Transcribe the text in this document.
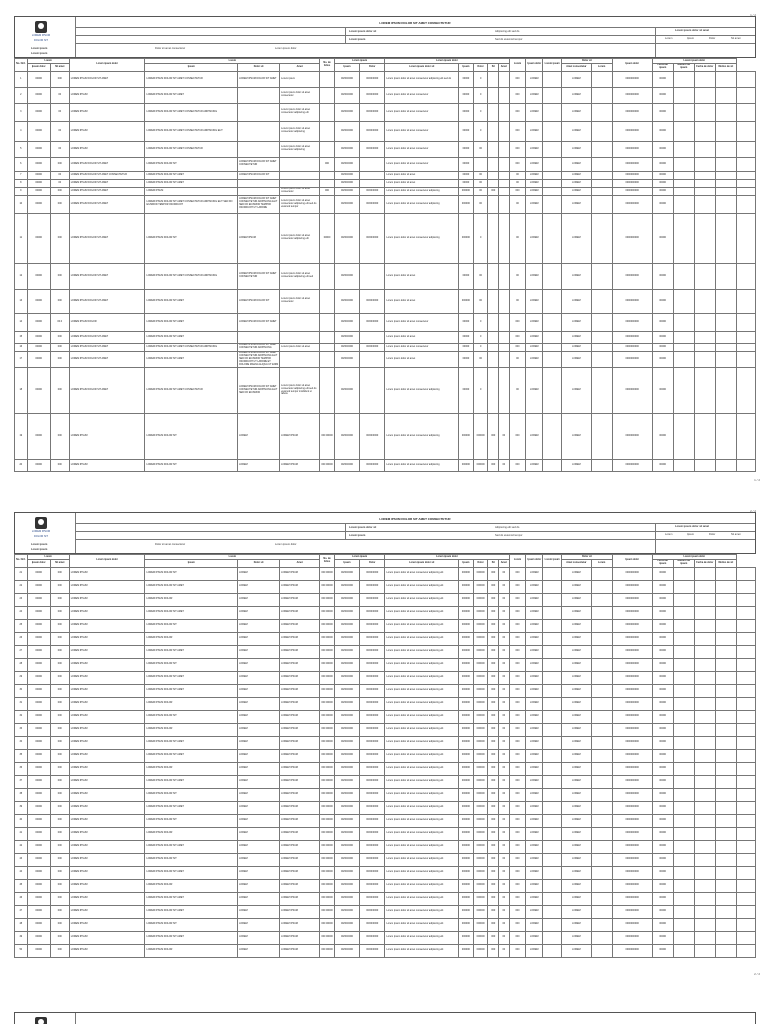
1 / 2
LOREM IPSUM
DOLOR SIT
LOREM IPSUM DOLOR SIT AMET CONSECTETUR
Lorem ipsum	Dolor sit amet consectetur	Lorem ipsum dolor
Lorem ipsum dolor sit	Adipiscing elit sed do
Lorem ipsum	Sed do eiusmod tempor
Lorem ipsum
Lorem ipsum dolor sit amet
Lorem	Ipsum	Dolor	Sit amet
No. Ord.	Lorem		Lorem ipsum dolor	Lorem			No. de folios	Lorem ipsum		Lorem ipsum dolor					Lorem	Ipsum dolor	Lorem ipsum	Dolor sit		Ipsum dolor	Lorem ipsum dolor				
	Ipsum dolor	Sit amet		Ipsum	Dolor sit	Amet		Ipsum	Dolor	Lorem ipsum dolor sit	Ipsum	Dolor	Sit	Amet				Amet consectetur	Lorem		Fecha de ipsum	Número de ipsum	Fecha de dolor	Motivo de sit	
1	00000	000	LOREM IPSUM DOLOR SIT AMET	LOREM IPSUM DOLOR SIT AMET CONSECTETUR	LOREM IPSUM DOLOR SIT AMET	Lorem ipsum		00/00/0000	00/00/0000	Lorem ipsum dolor sit amet consectetur adipiscing elit sed do	00000	0			000	LOREM		LOREM		0000000000	00000				
2	00000	00	LOREM IPSUM	LOREM IPSUM DOLOR SIT AMET		Lorem ipsum dolor sit amet consectetur		00/00/0000	00/00/0000	Lorem ipsum dolor sit amet consectetur	00000	0			000	LOREM		LOREM		0000000000	00000				
3	00000	00	LOREM IPSUM	LOREM IPSUM DOLOR SIT AMET CONSECTETUR ADIPISCING		Lorem ipsum dolor sit amet consectetur adipiscing elit		00/00/0000	00/00/0000	Lorem ipsum dolor sit amet consectetur	00000	0			000	LOREM		LOREM		0000000000	00000				
4	00000	00	LOREM IPSUM	LOREM IPSUM DOLOR SIT AMET CONSECTETUR ADIPISCING ELIT		Lorem ipsum dolor sit amet consectetur adipiscing		00/00/0000	00/00/0000	Lorem ipsum dolor sit amet consectetur	00000	0			000	LOREM		LOREM		0000000000	00000				
5	00000	00	LOREM IPSUM	LOREM IPSUM DOLOR SIT AMET CONSECTETUR		Lorem ipsum dolor sit amet consectetur adipiscing		00/00/0000	00/00/0000	Lorem ipsum dolor sit amet consectetur	00000	00			000	LOREM		LOREM		0000000000	00000				
6	00000	000	LOREM IPSUM DOLOR SIT AMET	LOREM IPSUM DOLOR SIT	LOREM IPSUM DOLOR SIT AMET CONSECTETUR		000	00/00/0000		Lorem ipsum dolor sit amet consectetur	00000				000	LOREM		LOREM		0000000000	00000				
7	00000	00	LOREM IPSUM DOLOR SIT AMET CONSECTETUR	LOREM IPSUM DOLOR SIT AMET	LOREM IPSUM DOLOR SIT			00/00/0000		Lorem ipsum dolor sit amet	00000	00			00	LOREM		LOREM		0000000000	00000				
8	00000	00	LOREM IPSUM DOLOR SIT AMET	LOREM IPSUM DOLOR SIT AMET				00/00/0000		Lorem ipsum dolor sit amet	00000	00			00	LOREM		LOREM		0000000000	00000				
9	00000	000	LOREM IPSUM DOLOR SIT AMET	LOREM IPSUM		Lorem ipsum dolor sit amet consectetur	000	00/00/0000	00/00/0000	Lorem ipsum dolor sit amet consectetur adipiscing	000000	00	000		000	LOREM		LOREM		0000000000	00000				
10	00000	000	LOREM IPSUM DOLOR SIT AMET	LOREM IPSUM DOLOR SIT AMET CONSECTETUR ADIPISCING ELIT SED DO EIUSMOD TEMPOR INCIDIDUNT	LOREM IPSUM DOLOR SIT AMET CONSECTETUR ADIPISCING ELIT SED DO EIUSMOD TEMPOR INCIDIDUNT UT LABORE	Lorem ipsum dolor sit amet consectetur adipiscing elit sed do eiusmod tempor		00/00/0000	00/00/0000	Lorem ipsum dolor sit amet consectetur adipiscing	000000	00			00	LOREM		LOREM		0000000000	00000				
11	00000	000	LOREM IPSUM DOLOR SIT AMET	LOREM IPSUM DOLOR SIT	LOREM IPSUM	Lorem ipsum dolor sit amet consectetur adipiscing elit	00000	00/00/0000	00/00/0000	Lorem ipsum dolor sit amet consectetur adipiscing	000000	0			00	LOREM		LOREM		0000000000	00000				
12	00000	000	LOREM IPSUM DOLOR SIT AMET	LOREM IPSUM DOLOR SIT AMET CONSECTETUR ADIPISCING	LOREM IPSUM DOLOR SIT AMET CONSECTETUR	Lorem ipsum dolor sit amet consectetur adipiscing elit sed		00/00/0000		Lorem ipsum dolor sit amet	00000	00			00	LOREM		LOREM		0000000000	00000				
13	00000	000	LOREM IPSUM DOLOR SIT AMET	LOREM IPSUM DOLOR SIT AMET	LOREM IPSUM DOLOR SIT	Lorem ipsum dolor sit amet consectetur		00/00/0000	00/00/0000	Lorem ipsum dolor sit amet	000000	00			00	LOREM		LOREM		0000000000	00000				
14	00000	00.0	LOREM IPSUM DOLOR	LOREM IPSUM DOLOR SIT AMET	LOREM IPSUM DOLOR SIT AMET			00/00/0000	00/00/0000	Lorem ipsum dolor sit amet consectetur	00000	0			000	LOREM		LOREM		0000000000	00000				
15	00000	000	LOREM IPSUM DOLOR SIT AMET	LOREM IPSUM DOLOR SIT AMET				00/00/0000		Lorem ipsum dolor sit amet	00000	0			000	LOREM		LOREM		0000000000	00000				
16	00000	000	LOREM IPSUM DOLOR SIT AMET	LOREM IPSUM DOLOR SIT AMET CONSECTETUR ADIPISCING	LOREM IPSUM DOLOR SIT AMET CONSECTETUR ADIPISCING	Lorem ipsum dolor sit amet		00/00/0000	00/00/0000	Lorem ipsum dolor sit amet consectetur	00000	0			000	LOREM		LOREM		0000000000	00000				
17	00000	000	LOREM IPSUM DOLOR SIT AMET	LOREM IPSUM DOLOR SIT AMET	LOREM IPSUM DOLOR SIT AMET CONSECTETUR ADIPISCING ELIT SED DO EIUSMOD TEMPOR INCIDIDUNT UT LABORE ET DOLORE MAGNA ALIQUA UT ENIM			00/00/0000		Lorem ipsum dolor sit amet	00000	00			00	LOREM		LOREM		0000000000	00000				
18	00000	000	LOREM IPSUM DOLOR SIT AMET	LOREM IPSUM DOLOR SIT AMET CONSECTETUR	LOREM IPSUM DOLOR SIT AMET CONSECTETUR ADIPISCING ELIT SED DO EIUSMOD	Lorem ipsum dolor sit amet consectetur adipiscing elit sed do eiusmod tempor incididunt ut labore		00/00/0000		Lorem ipsum dolor sit amet consectetur adipiscing	00000	0			00	LOREM		LOREM		0000000000	00000				
19	00000	000	LOREM IPSUM	LOREM IPSUM DOLOR SIT	LOREM	LOREM IPSUM	000 00000	00/00/0000	00/00/0000	Lorem ipsum dolor sit amet consectetur adipiscing	000000	000000	000	00	000	LOREM		LOREM		0000000000	00000				
20	00000	000	LOREM IPSUM	LOREM IPSUM DOLOR SIT	LOREM	LOREM IPSUM	000 00000	00/00/0000	00/00/0000	Lorem ipsum dolor sit amet consectetur adipiscing	000000	000000	000	00	000	LOREM		LOREM		0000000000	00000				
1 / 2
2 / 2
LOREM IPSUM
DOLOR SIT
LOREM IPSUM DOLOR SIT AMET CONSECTETUR
Lorem ipsum	Dolor sit amet consectetur	Lorem ipsum dolor
Lorem ipsum dolor sit	Adipiscing elit sed do
Lorem ipsum	Sed do eiusmod tempor
Lorem ipsum
Lorem ipsum dolor sit amet
Lorem	Ipsum	Dolor	Sit amet
No. Ord.	Lorem		Lorem ipsum dolor	Lorem			No. de folios	Lorem ipsum		Lorem ipsum dolor					Lorem	Ipsum dolor	Lorem ipsum	Dolor sit		Ipsum dolor	Lorem ipsum dolor				
	Ipsum dolor	Sit amet		Ipsum	Dolor sit	Amet		Ipsum	Dolor	Lorem ipsum dolor sit	Ipsum	Dolor	Sit	Amet				Amet consectetur	Lorem		Fecha de ipsum	Número de ipsum	Fecha de dolor	Motivo de sit	
21	00000	000	LOREM IPSUM	LOREM IPSUM DOLOR SIT	LOREM	LOREM IPSUM	000 00000	00/00/0000	00/00/0000	Lorem ipsum dolor sit amet consectetur adipiscing elit	000000	000000	000	00	000	LOREM		LOREM		0000000000	00000				
22	00000	000	LOREM IPSUM	LOREM IPSUM DOLOR SIT AMET	LOREM	LOREM IPSUM	000 00000	00/00/0000	00/00/0000	Lorem ipsum dolor sit amet consectetur adipiscing elit	000000	000000	000	00	000	LOREM		LOREM		0000000000	00000				
23	00000	000	LOREM IPSUM	LOREM IPSUM DOLOR	LOREM	LOREM IPSUM	000 00000	00/00/0000	00/00/0000	Lorem ipsum dolor sit amet consectetur adipiscing elit	000000	000000	000	00	000	LOREM		LOREM		0000000000	00000				
24	00000	000	LOREM IPSUM	LOREM IPSUM DOLOR SIT AMET	LOREM	LOREM IPSUM	000 00000	00/00/0000	00/00/0000	Lorem ipsum dolor sit amet consectetur adipiscing elit	000000	000000	000	00	000	LOREM		LOREM		0000000000	00000				
25	00000	000	LOREM IPSUM	LOREM IPSUM DOLOR SIT	LOREM	LOREM IPSUM	000 00000	00/00/0000	00/00/0000	Lorem ipsum dolor sit amet consectetur adipiscing elit	000000	000000	000	00	000	LOREM		LOREM		0000000000	00000				
26	00000	000	LOREM IPSUM	LOREM IPSUM DOLOR	LOREM	LOREM IPSUM	000 00000	00/00/0000	00/00/0000	Lorem ipsum dolor sit amet consectetur adipiscing elit	000000	000000	000	00	000	LOREM		LOREM		0000000000	00000				
27	00000	000	LOREM IPSUM	LOREM IPSUM DOLOR SIT AMET	LOREM	LOREM IPSUM	000 00000	00/00/0000	00/00/0000	Lorem ipsum dolor sit amet consectetur adipiscing elit	000000	000000	000	00	000	LOREM		LOREM		0000000000	00000				
28	00000	000	LOREM IPSUM	LOREM IPSUM DOLOR SIT	LOREM	LOREM IPSUM	000 00000	00/00/0000	00/00/0000	Lorem ipsum dolor sit amet consectetur adipiscing elit	000000	000000	000	00	000	LOREM		LOREM		0000000000	00000				
29	00000	000	LOREM IPSUM	LOREM IPSUM DOLOR SIT AMET	LOREM	LOREM IPSUM	000 00000	00/00/0000	00/00/0000	Lorem ipsum dolor sit amet consectetur adipiscing elit	000000	000000	000	00	000	LOREM		LOREM		0000000000	00000				
30	00000	000	LOREM IPSUM	LOREM IPSUM DOLOR SIT AMET	LOREM	LOREM IPSUM	000 00000	00/00/0000	00/00/0000	Lorem ipsum dolor sit amet consectetur adipiscing elit	000000	000000	000	00	000	LOREM		LOREM		0000000000	00000				
31	00000	000	LOREM IPSUM	LOREM IPSUM DOLOR	LOREM	LOREM IPSUM	000 00000	00/00/0000	00/00/0000	Lorem ipsum dolor sit amet consectetur adipiscing elit	000000	000000	000	00	000	LOREM		LOREM		0000000000	00000				
32	00000	000	LOREM IPSUM	LOREM IPSUM DOLOR SIT	LOREM	LOREM IPSUM	000 00000	00/00/0000	00/00/0000	Lorem ipsum dolor sit amet consectetur adipiscing elit	000000	000000	000	00	000	LOREM		LOREM		0000000000	00000				
33	00000	000	LOREM IPSUM	LOREM IPSUM DOLOR	LOREM	LOREM IPSUM	000 00000	00/00/0000	00/00/0000	Lorem ipsum dolor sit amet consectetur adipiscing elit	000000	000000	000	00	000	LOREM		LOREM		0000000000	00000				
34	00000	000	LOREM IPSUM	LOREM IPSUM DOLOR SIT AMET	LOREM	LOREM IPSUM	000 00000	00/00/0000	00/00/0000	Lorem ipsum dolor sit amet consectetur adipiscing elit	000000	000000	000	00	000	LOREM		LOREM		0000000000	00000				
35	00000	000	LOREM IPSUM	LOREM IPSUM DOLOR SIT AMET	LOREM	LOREM IPSUM	000 00000	00/00/0000	00/00/0000	Lorem ipsum dolor sit amet consectetur adipiscing elit	000000	000000	000	00	000	LOREM		LOREM		0000000000	00000				
36	00000	000	LOREM IPSUM	LOREM IPSUM DOLOR	LOREM	LOREM IPSUM	000 00000	00/00/0000	00/00/0000	Lorem ipsum dolor sit amet consectetur adipiscing elit	000000	000000	000	00	000	LOREM		LOREM		0000000000	00000				
37	00000	000	LOREM IPSUM	LOREM IPSUM DOLOR SIT AMET	LOREM	LOREM IPSUM	000 00000	00/00/0000	00/00/0000	Lorem ipsum dolor sit amet consectetur adipiscing elit	000000	000000	000	00	000	LOREM		LOREM		0000000000	00000				
38	00000	000	LOREM IPSUM	LOREM IPSUM DOLOR SIT	LOREM	LOREM IPSUM	000 00000	00/00/0000	00/00/0000	Lorem ipsum dolor sit amet consectetur adipiscing elit	000000	000000	000	00	000	LOREM		LOREM		0000000000	00000				
39	00000	000	LOREM IPSUM	LOREM IPSUM DOLOR SIT AMET	LOREM	LOREM IPSUM	000 00000	00/00/0000	00/00/0000	Lorem ipsum dolor sit amet consectetur adipiscing elit	000000	000000	000	00	000	LOREM		LOREM		0000000000	00000				
40	00000	000	LOREM IPSUM	LOREM IPSUM DOLOR SIT	LOREM	LOREM IPSUM	000 00000	00/00/0000	00/00/0000	Lorem ipsum dolor sit amet consectetur adipiscing elit	000000	000000	000	00	000	LOREM		LOREM		0000000000	00000				
41	00000	000	LOREM IPSUM	LOREM IPSUM DOLOR	LOREM	LOREM IPSUM	000 00000	00/00/0000	00/00/0000	Lorem ipsum dolor sit amet consectetur adipiscing elit	000000	000000	000	00	000	LOREM		LOREM		0000000000	00000				
42	00000	000	LOREM IPSUM	LOREM IPSUM DOLOR SIT AMET	LOREM	LOREM IPSUM	000 00000	00/00/0000	00/00/0000	Lorem ipsum dolor sit amet consectetur adipiscing elit	000000	000000	000	00	000	LOREM		LOREM		0000000000	00000				
43	00000	000	LOREM IPSUM	LOREM IPSUM DOLOR SIT	LOREM	LOREM IPSUM	000 00000	00/00/0000	00/00/0000	Lorem ipsum dolor sit amet consectetur adipiscing elit	000000	000000	000	00	000	LOREM		LOREM		0000000000	00000				
44	00000	000	LOREM IPSUM	LOREM IPSUM DOLOR SIT AMET	LOREM	LOREM IPSUM	000 00000	00/00/0000	00/00/0000	Lorem ipsum dolor sit amet consectetur adipiscing elit	000000	000000	000	00	000	LOREM		LOREM		0000000000	00000				
45	00000	000	LOREM IPSUM	LOREM IPSUM DOLOR	LOREM	LOREM IPSUM	000 00000	00/00/0000	00/00/0000	Lorem ipsum dolor sit amet consectetur adipiscing elit	000000	000000	000	00	000	LOREM		LOREM		0000000000	00000				
46	00000	000	LOREM IPSUM	LOREM IPSUM DOLOR SIT AMET	LOREM	LOREM IPSUM	000 00000	00/00/0000	00/00/0000	Lorem ipsum dolor sit amet consectetur adipiscing elit	000000	000000	000	00	000	LOREM		LOREM		0000000000	00000				
47	00000	000	LOREM IPSUM	LOREM IPSUM DOLOR SIT AMET	LOREM	LOREM IPSUM	000 00000	00/00/0000	00/00/0000	Lorem ipsum dolor sit amet consectetur adipiscing elit	000000	000000	000	00	000	LOREM		LOREM		0000000000	00000				
48	00000	000	LOREM IPSUM	LOREM IPSUM DOLOR SIT	LOREM	LOREM IPSUM	000 00000	00/00/0000	00/00/0000	Lorem ipsum dolor sit amet consectetur adipiscing elit	000000	000000	000	00	000	LOREM		LOREM		0000000000	00000				
49	00000	000	LOREM IPSUM	LOREM IPSUM DOLOR SIT AMET	LOREM	LOREM IPSUM	000 00000	00/00/0000	00/00/0000	Lorem ipsum dolor sit amet consectetur adipiscing elit	000000	000000	000	00	000	LOREM		LOREM		0000000000	00000				
50	00000	000	LOREM IPSUM	LOREM IPSUM DOLOR	LOREM	LOREM IPSUM	000 00000	00/00/0000	00/00/0000	Lorem ipsum dolor sit amet consectetur adipiscing elit	000000	000000	000	00	000	LOREM		LOREM		0000000000	00000				
2 / 2
